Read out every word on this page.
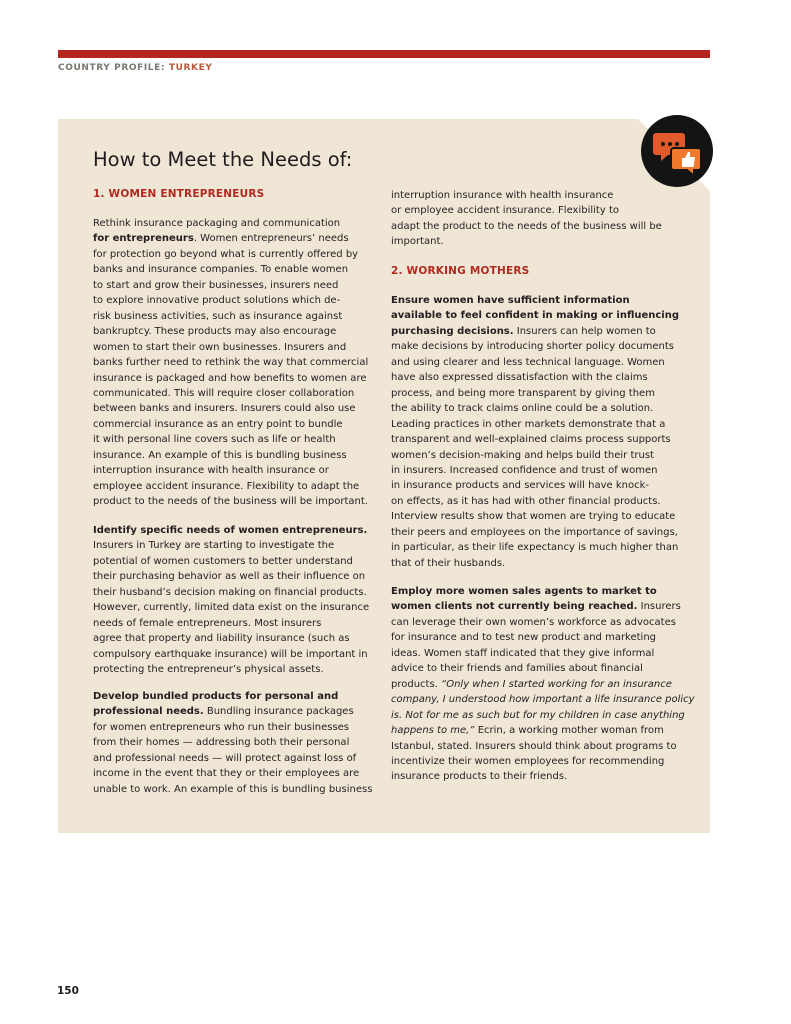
COUNTRY PROFILE: TURKEY
How to Meet the Needs of:
1. WOMEN ENTREPRENEURS
Rethink insurance packaging and communication
for entrepreneurs. Women entrepreneurs’ needs
for protection go beyond what is currently offered by
banks and insurance companies. To enable women
to start and grow their businesses, insurers need
to explore innovative product solutions which de-
risk business activities, such as insurance against
bankruptcy. These products may also encourage
women to start their own businesses. Insurers and
banks further need to rethink the way that commercial
insurance is packaged and how benefits to women are
communicated. This will require closer collaboration
between banks and insurers. Insurers could also use
commercial insurance as an entry point to bundle
it with personal line covers such as life or health
insurance. An example of this is bundling business
interruption insurance with health insurance or
employee accident insurance. Flexibility to adapt the
product to the needs of the business will be important.
Identify specific needs of women entrepreneurs.
Insurers in Turkey are starting to investigate the
potential of women customers to better understand
their purchasing behavior as well as their influence on
their husband’s decision making on financial products.
However, currently, limited data exist on the insurance
needs of female entrepreneurs. Most insurers
agree that property and liability insurance (such as
compulsory earthquake insurance) will be important in
protecting the entrepreneur’s physical assets.
Develop bundled products for personal and
professional needs. Bundling insurance packages
for women entrepreneurs who run their businesses
from their homes — addressing both their personal
and professional needs — will protect against loss of
income in the event that they or their employees are
unable to work. An example of this is bundling business
2. WORKING MOTHERS
interruption insurance with health insurance
or employee accident insurance. Flexibility to
adapt the product to the needs of the business will be
important.
Ensure women have sufficient information
available to feel confident in making or influencing
purchasing decisions. Insurers can help women to
make decisions by introducing shorter policy documents
and using clearer and less technical language. Women
have also expressed dissatisfaction with the claims
process, and being more transparent by giving them
the ability to track claims online could be a solution.
Leading practices in other markets demonstrate that a
transparent and well-explained claims process supports
women’s decision-making and helps build their trust
in insurers. Increased confidence and trust of women
in insurance products and services will have knock-
on effects, as it has had with other financial products.
Interview results show that women are trying to educate
their peers and employees on the importance of savings,
in particular, as their life expectancy is much higher than
that of their husbands.
Employ more women sales agents to market to
women clients not currently being reached. Insurers
can leverage their own women’s workforce as advocates
for insurance and to test new product and marketing
ideas. Women staff indicated that they give informal
advice to their friends and families about financial
products. “Only when I started working for an insurance
company, I understood how important a life insurance policy
is. Not for me as such but for my children in case anything
happens to me,” Ecrin, a working mother woman from
Istanbul, stated. Insurers should think about programs to
incentivize their women employees for recommending
insurance products to their friends.
150
